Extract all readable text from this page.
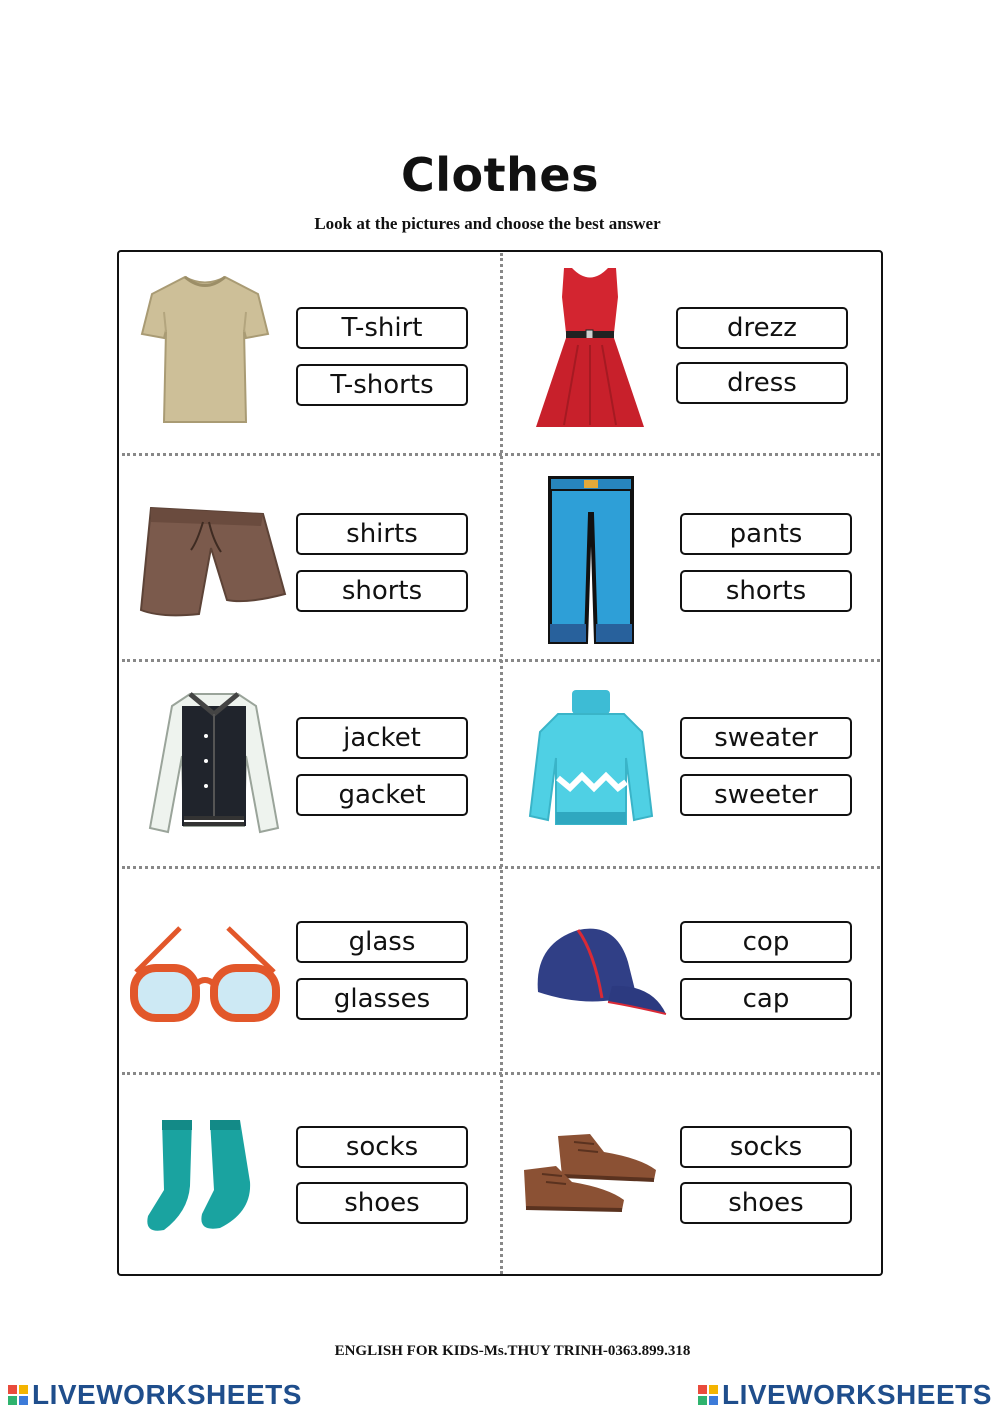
Clothes
Look at the pictures and choose the best answer
T-shirt
T-shorts
drezz
dress
shirts
shorts
pants
shorts
jacket
gacket
sweater
sweeter
glass
glasses
cop
cap
socks
shoes
socks
shoes
ENGLISH FOR KIDS-Ms.THUY TRINH-0363.899.318
LIVEWORKSHEETS	LIVEWORKSHEETS
